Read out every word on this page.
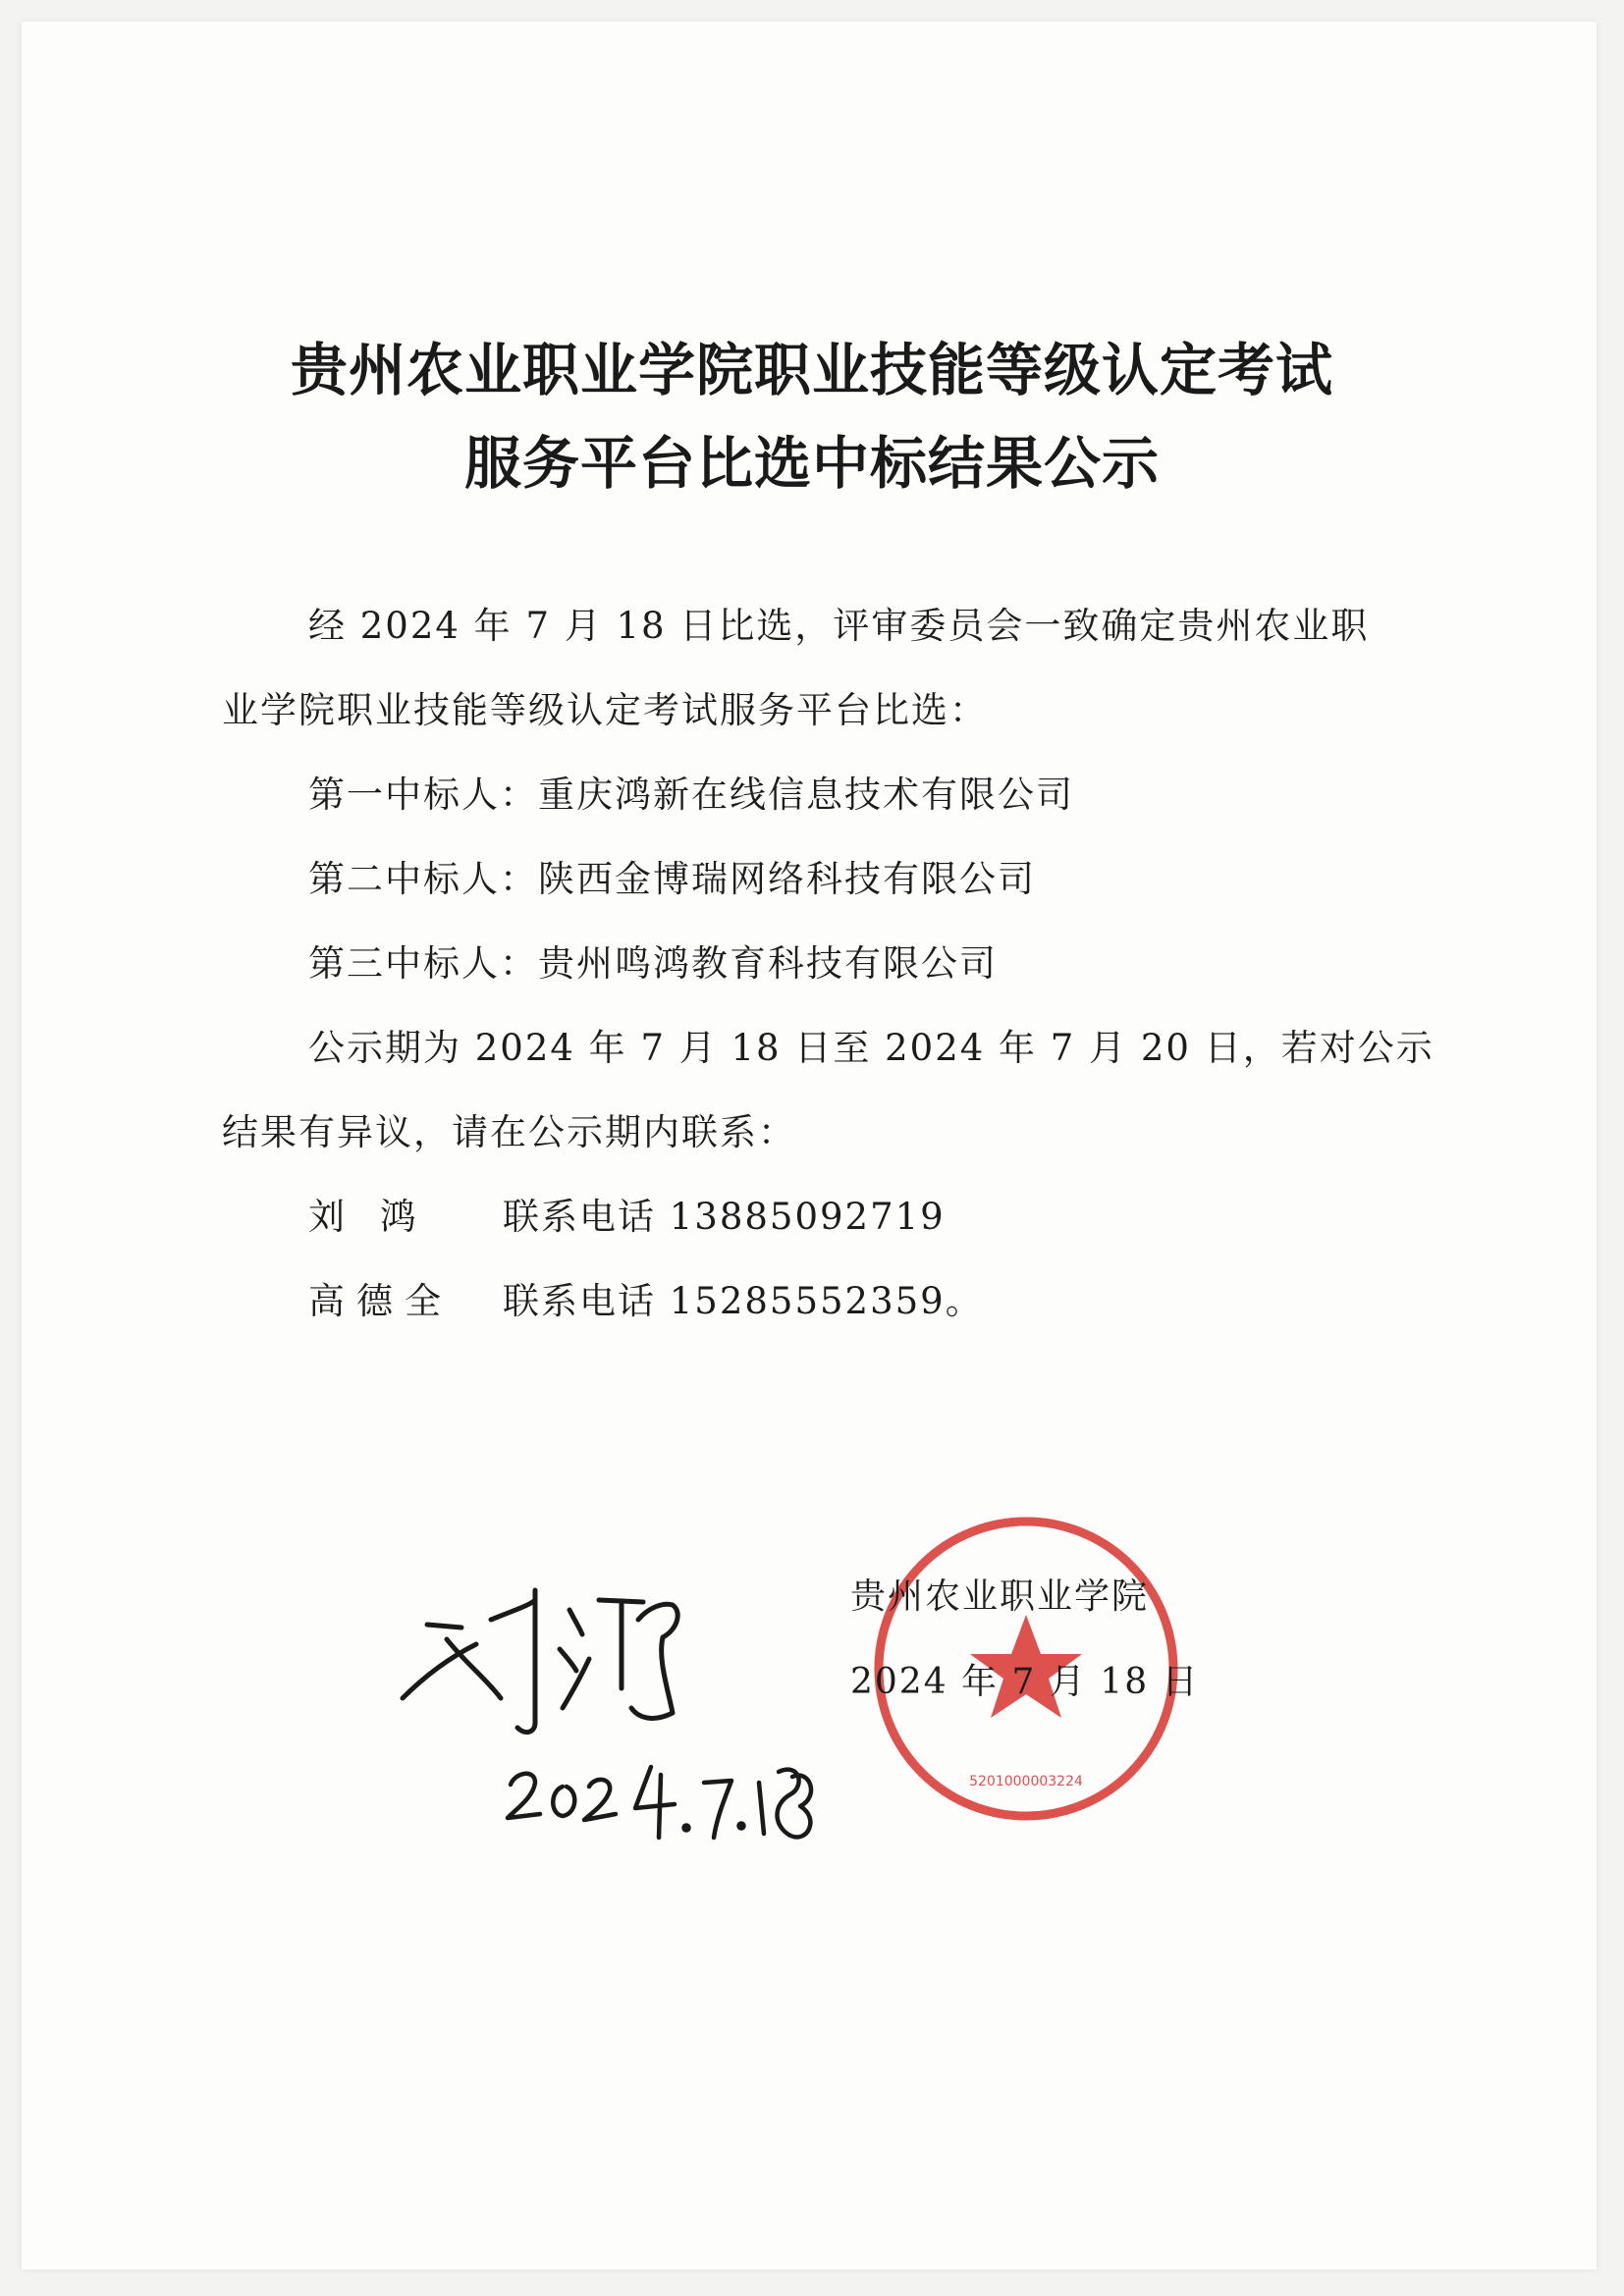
贵州农业职业学院职业技能等级认定考试
服务平台比选中标结果公示
经 2024 年 7 月 18 日比选，评审委员会一致确定贵州农业职
业学院职业技能等级认定考试服务平台比选：
第一中标人：重庆鸿新在线信息技术有限公司
第二中标人：陕西金博瑞网络科技有限公司
第三中标人：贵州鸣鸿教育科技有限公司
公示期为 2024 年 7 月 18 日至 2024 年 7 月 20 日，若对公示
结果有异议，请在公示期内联系：
刘 鸿 联系电话 13885092719
高德全 联系电话 15285552359。
5201000003224
贵州农业职业学院
2024 年 7 月 18 日
